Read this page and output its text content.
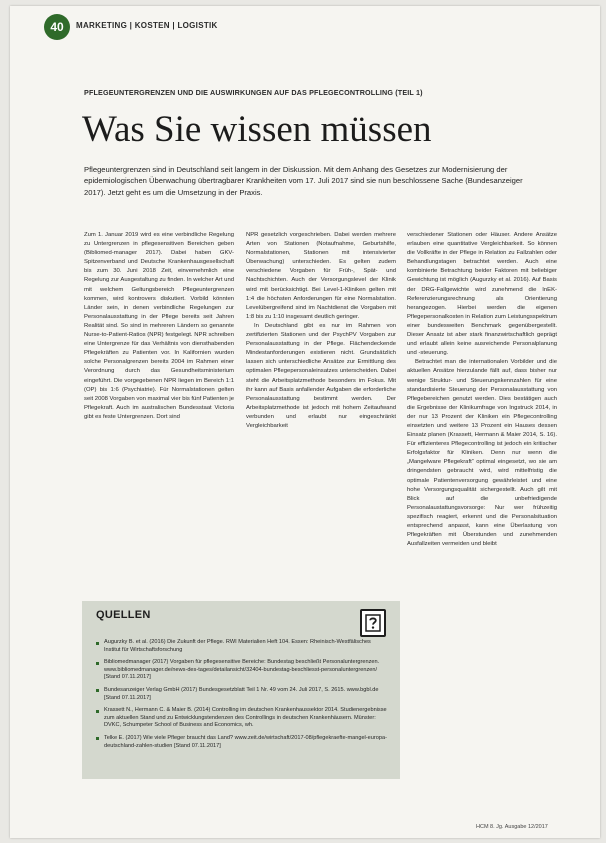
40	MARKETING | KOSTEN | LOGISTIK
PFLEGEUNTERGRENZEN UND DIE AUSWIRKUNGEN AUF DAS PFLEGECONTROLLING (TEIL 1)
Was Sie wissen müssen

Pflegeuntergrenzen sind in Deutschland seit langem in der Diskussion. Mit dem Anhang des Gesetzes zur Modernisierung der epidemiologischen Überwachung übertragbarer Krankheiten vom 17. Juli 2017 sind sie nun beschlossene Sache (Bundesanzeiger 2017). Jetzt geht es um die Umsetzung in der Praxis.

Zum 1. Januar 2019 wird es eine verbindliche Regelung zu Untergrenzen in pflegesensitiven Bereichen geben (Bibliomed-manager 2017). Dabei haben GKV-Spitzenverband und Deutsche Krankenhausgesellschaft bis zum 30. Juni 2018 Zeit, einvernehmlich eine Regelung zur Ausgestaltung zu finden. In welcher Art und mit welchem Geltungsbereich Pflegeuntergrenzen kommen, wird kontrovers diskutiert. Vorbild könnten Länder sein, in denen verbindliche Regelungen zur Personalausstattung in der Pflege bereits seit Jahren Realität sind. So sind in mehreren Ländern so genannte Nurse-to-Patient-Ratios (NPR) festgelegt. NPR schreiben eine Untergrenze für das Verhältnis von diensthabenden Pflegekräften zu Patienten vor. In Kalifornien wurden solche Personalgrenzen bereits 2004 im Rahmen einer Verordnung durch das Gesundheitsministerium eingeführt. Die vorgegebenen NPR liegen im Bereich 1:1 (OP) bis 1:6 (Psychiatrie). Für Normalstationen gelten seit 2008 Vorgaben von maximal vier bis fünf Patienten je Pflegekraft. Auch im australischen Bundesstaat Victoria gibt es feste Untergrenzen. Dort sind

NPR gesetzlich vorgeschrieben. Dabei werden mehrere Arten von Stationen (Notaufnahme, Geburtshilfe, Normalstationen, Stationen mit intensivierter Überwachung) unterschieden. Es gelten zudem verschiedene Vorgaben für Früh-, Spät- und Nachtschichten. Auch der Versorgungslevel der Klinik wird mit berücksichtigt. Bei Level-1-Kliniken gelten mit 1:4 die höchsten Anforderungen für eine Normalstation. Levelübergreifend sind im Nachtdienst die Vorgaben mit 1:8 bis zu 1:10 insgesamt deutlich geringer.

In Deutschland gibt es nur im Rahmen von zertifizierten Stationen und der PsychPV Vorgaben zur Personalausstattung in der Pflege. Flächendeckende Mindestanforderungen existieren nicht. Grundsätzlich lassen sich unterschiedliche Ansätze zur Ermittlung des optimalen Pflegepersonaleinsatzes unterscheiden. Dabei steht die Arbeitsplatzmethode besonders im Fokus. Mit ihr kann auf Basis anfallender Aufgaben die erforderliche Personalausstattung bestimmt werden. Der Arbeitsplatzmethode ist jedoch mit hohem Zeitaufwand verbunden und erlaubt nur eingeschränkt Vergleichbarkeit

verschiedener Stationen oder Häuser. Andere Ansätze erlauben eine quantitative Vergleichbarkeit. So können die Vollkräfte in der Pflege in Relation zu Fallzahlen oder Behandlungstagen betrachtet werden. Auch eine kombinierte Betrachtung beider Faktoren mit beliebiger Gewichtung ist möglich (Augurzky et al. 2016). Auf Basis der DRG-Fallgewichte wird zunehmend die InEK-Referenzierungsrechnung als Orientierung herangezogen. Hierbei werden die eigenen Pflegepersonalkosten in Relation zum Leistungsspektrum einer bundesweiten Benchmark gegenübergestellt. Dieser Ansatz ist aber stark finanzwirtschaftlich geprägt und erlaubt allein keine ausreichende Personalplanung und -steuerung.

Betrachtet man die internationalen Vorbilder und die aktuellen Ansätze hierzulande fällt auf, dass bisher nur wenige Struktur- und Steuerungskennzahlen für eine standardisierte Steuerung der Personalausstattung von Pflegebereichen genutzt werden. Dies bestätigen auch die Ergebnisse der Klinikumfrage von Ingstruck 2014, in der nur 13 Prozent der Kliniken ein Pflegecontrolling einsetzten und weitere 13 Prozent ein Hauses dessen Einsatz planen (Krassett, Hermann & Maier 2014, S. 16). Für effizienteres Pflegecontrolling ist jedoch ein kritischer Erfolgsfaktor für Kliniken. Denn nur wenn die „Mangelware Pflegekraft“ optimal eingesetzt, wo sie am dringendsten gebraucht wird, wird mittelfristig die optimale Patientenversorgung gewährleistet und eine hohe Versorgungsqualität sichergestellt. Auch gilt mit Blick auf die unbefriedigende Personalaustattungsvorsorge: Nur wer frühzeitig spezifisch reagiert, erkennt und die Personalsituation entsprechend anpasst, kann eine Überlastung von Pflegekräften mit Überstunden und zunehmenden Ausfallzeiten vermeiden und bleibt

QUELLEN
Augurzky B. et al. (2016) Die Zukunft der Pflege. RWI Materialien Heft 104. Essen: Rheinisch-Westfälisches Institut für Wirtschaftsforschung
Bibliomedmanager (2017) Vorgaben für pflegesensitive Bereiche: Bundestag beschließt Personaluntergrenzen. www.bibliomedmanager.de/news-des-tages/detailansicht/32404-bundestag-beschliesst-personaluntergrenzen/ [Stand 07.11.2017]
Bundesanzeiger Verlag GmbH (2017) Bundesgesetzblatt Teil 1 Nr. 49 vom 24. Juli 2017, S. 2615. www.bgbl.de [Stand 07.11.2017]
Krassett N., Hermann C. & Maier B. (2014) Controlling im deutschen Krankenhaussektor 2014. Studienergebnisse zum aktuellen Stand und zu Entwicklungstendenzen des Controllings in deutschen Krankenhäusern. Münster: DVKC, Schumpeter School of Business and Economics, wh.
Telke E. (2017) Wie viele Pfleger braucht das Land? www.zeit.de/wirtschaft/2017-08/pflegekraefte-mangel-europa-deutschland-zahlen-studien [Stand 07.11.2017]
HCM 8. Jg. Ausgabe 12/2017
